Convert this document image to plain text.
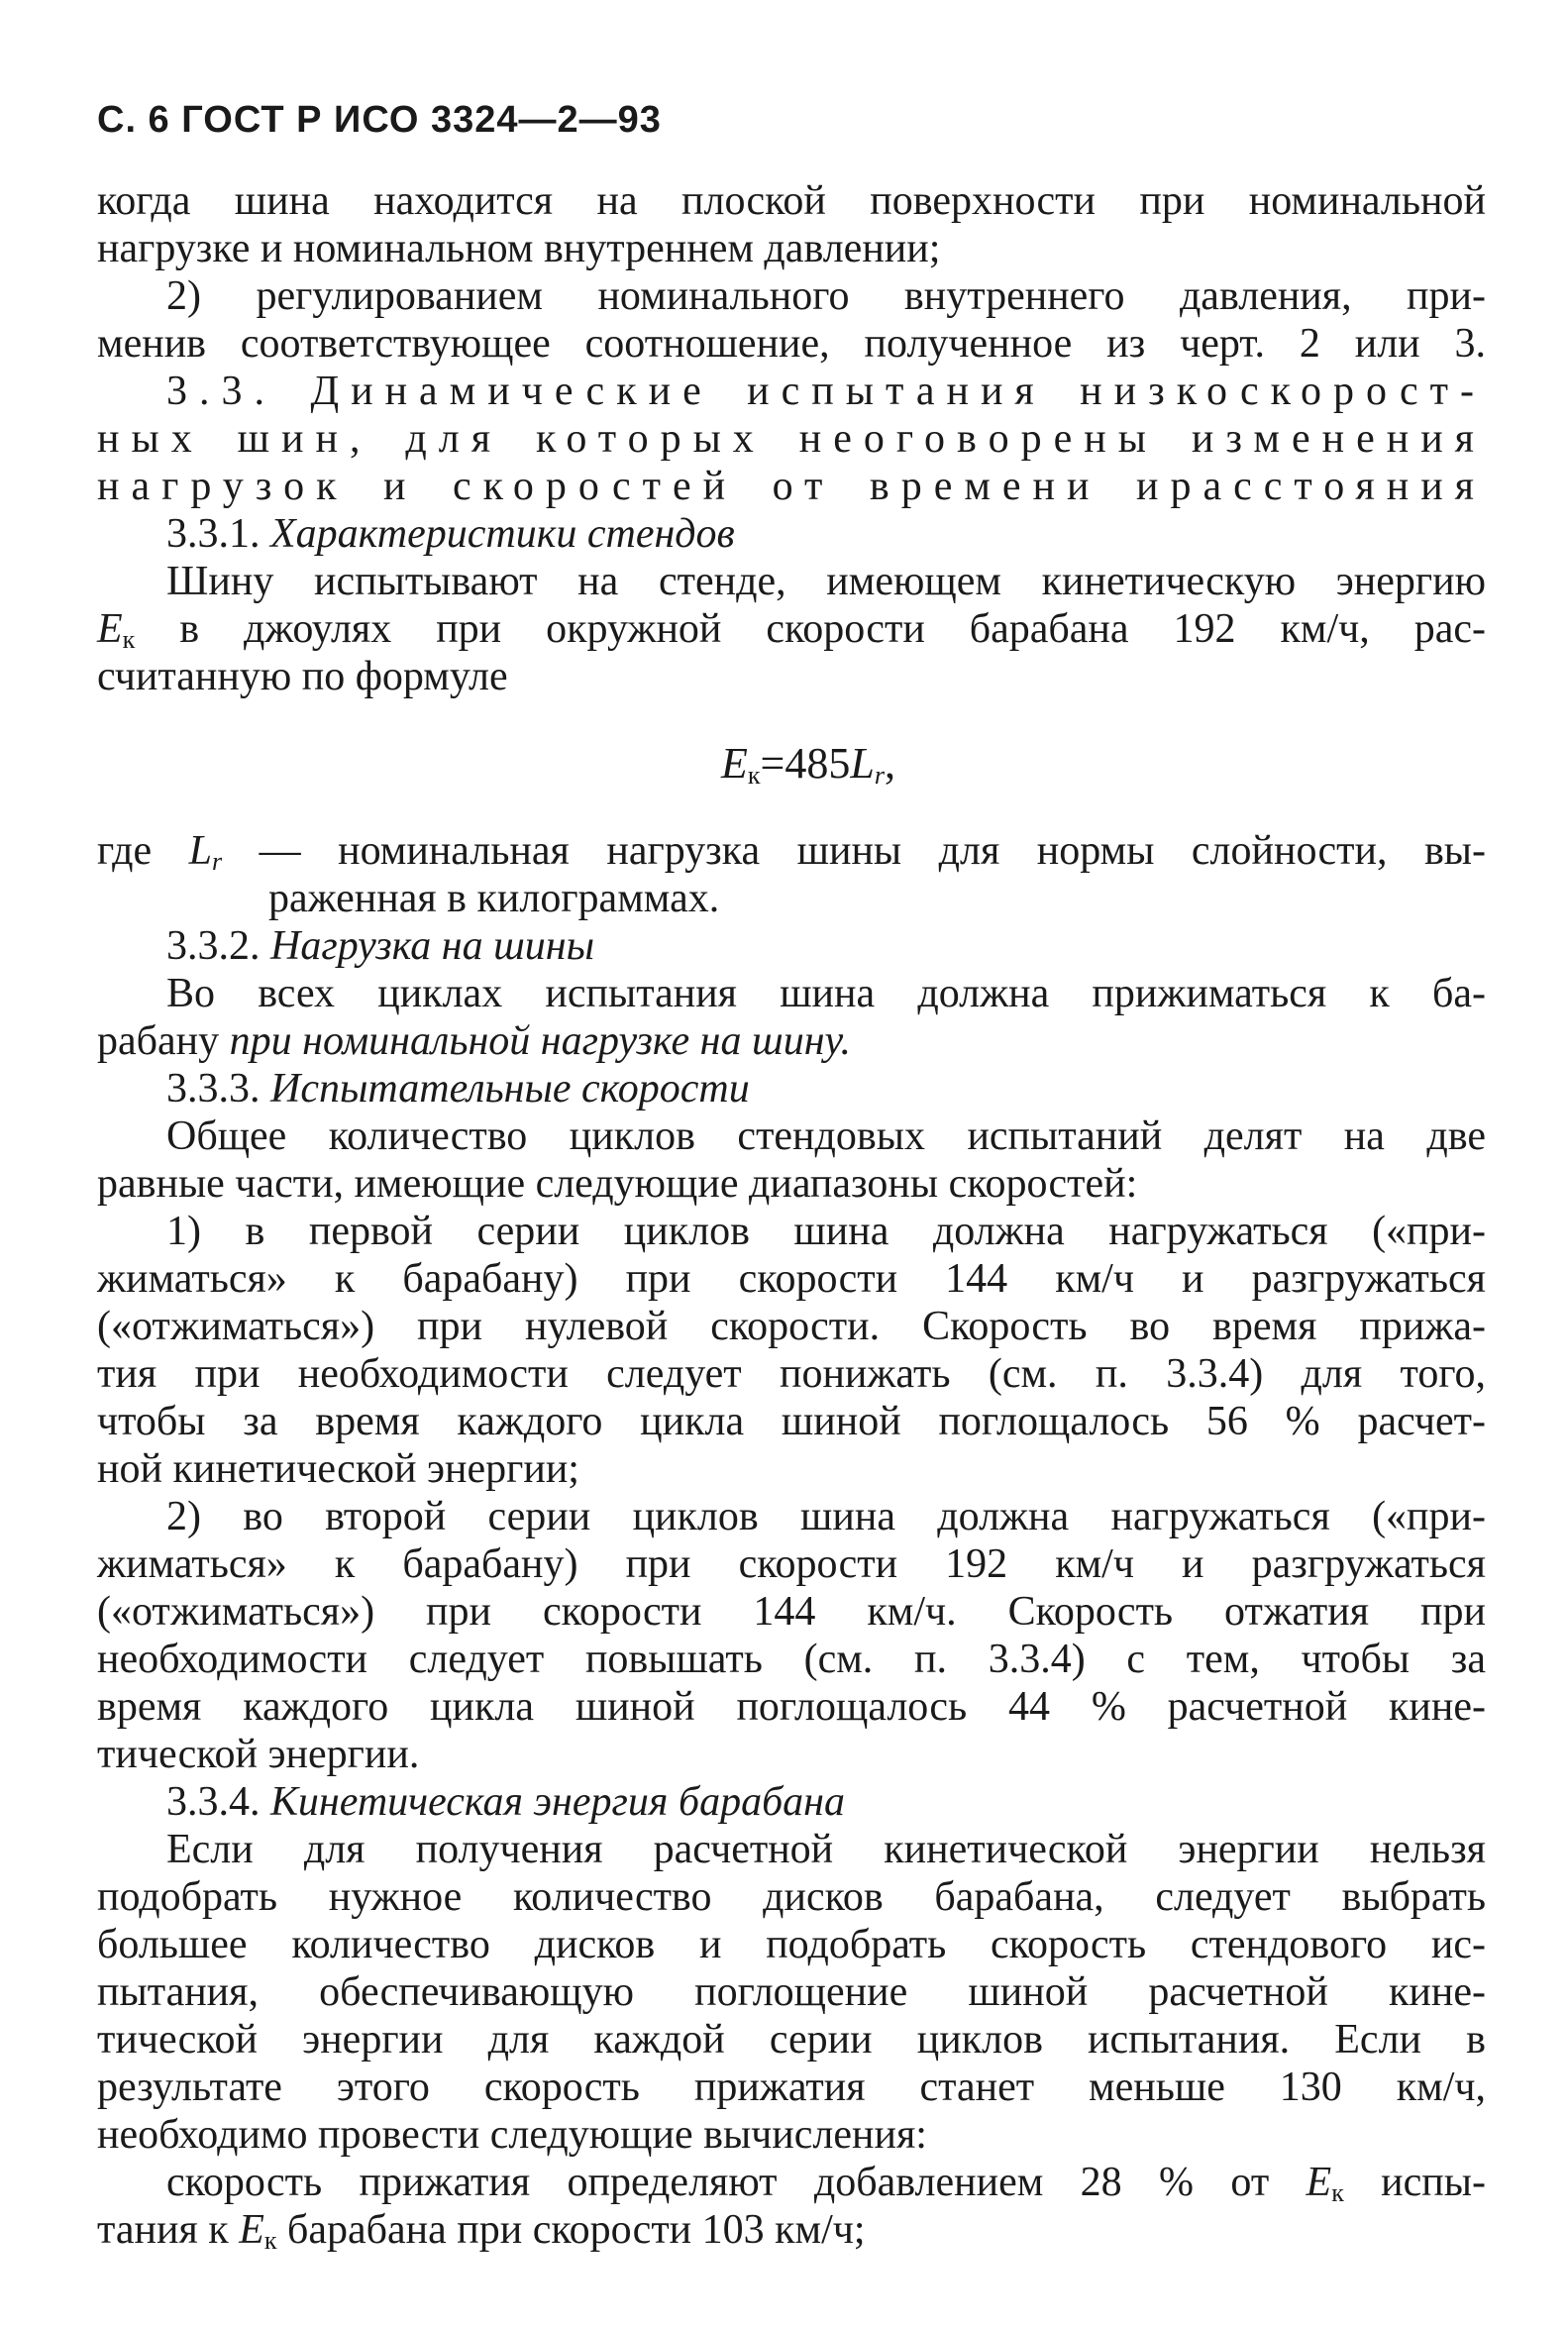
С. 6 ГОСТ Р ИСО 3324—2—93
когда шина находится на плоской поверхности при номинальной
нагрузке и номинальном внутреннем давлении;
2) регулированием номинального внутреннего давления, при-
менив соответствующее соотношение, полученное из черт. 2 или 3.
3.3. Динамические испытания низкоскорост-
ных шин, для которых неоговорены изменения
нагрузок и скоростей от времени ирасстояния
3.3.1. Характеристики стендов
Шину испытывают на стенде, имеющем кинетическую энергию
$E_к$ в джоулях при окружной скорости барабана 192 км/ч, рас-
считанную по формуле
$E_к=485L_r$,
где $L_r$ — номинальная нагрузка шины для нормы слойности, вы-
раженная в килограммах.
3.3.2. Нагрузка на шины
Во всех циклах испытания шина должна прижиматься к ба-
рабану при номинальной нагрузке на шину.
3.3.3. Испытательные скорости
Общее количество циклов стендовых испытаний делят на две
равные части, имеющие следующие диапазоны скоростей:
1) в первой серии циклов шина должна нагружаться («при-
жиматься» к барабану) при скорости 144 км/ч и разгружаться
(«отжиматься») при нулевой скорости. Скорость во время прижа-
тия при необходимости следует понижать (см. п. 3.3.4) для того,
чтобы за время каждого цикла шиной поглощалось 56 % расчет-
ной кинетической энергии;
2) во второй серии циклов шина должна нагружаться («при-
жиматься» к барабану) при скорости 192 км/ч и разгружаться
(«отжиматься») при скорости 144 км/ч. Скорость отжатия при
необходимости следует повышать (см. п. 3.3.4) с тем, чтобы за
время каждого цикла шиной поглощалось 44 % расчетной кине-
тической энергии.
3.3.4. Кинетическая энергия барабана
Если для получения расчетной кинетической энергии нельзя
подобрать нужное количество дисков барабана, следует выбрать
большее количество дисков и подобрать скорость стендового ис-
пытания, обеспечивающую поглощение шиной расчетной кине-
тической энергии для каждой серии циклов испытания. Если в
результате этого скорость прижатия станет меньше 130 км/ч,
необходимо провести следующие вычисления:
скорость прижатия определяют добавлением 28 % от $E_к$ испы-
тания к $E_к$ барабана при скорости 103 км/ч;
